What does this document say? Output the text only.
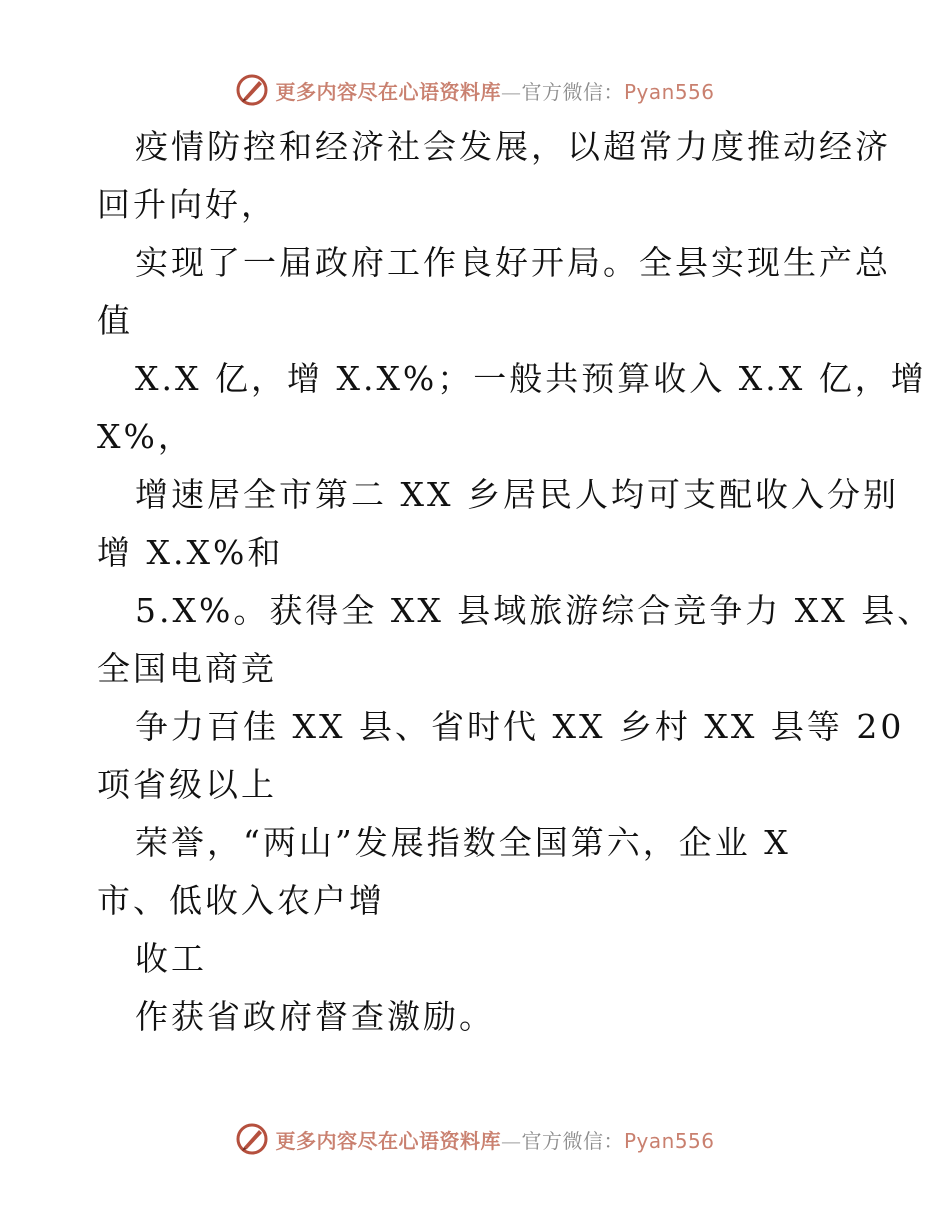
更多内容尽在心语资料库—官方微信：Pyan556
疫情防控和经济社会发展，以超常力度推动经济
回升向好，
实现了一届政府工作良好开局。全县实现生产总
值
X.X 亿，增 X.X%；一般共预算收入 X.X 亿，增
X%，
增速居全市第二 XX 乡居民人均可支配收入分别
增 X.X%和
5.X%。获得全 XX 县域旅游综合竞争力 XX 县、
全国电商竞
争力百佳 XX 县、省时代 XX 乡村 XX 县等 20
项省级以上
荣誉，“两山”发展指数全国第六，企业 X
市、低收入农户增
收工
作获省政府督查激励。
更多内容尽在心语资料库—官方微信：Pyan556
